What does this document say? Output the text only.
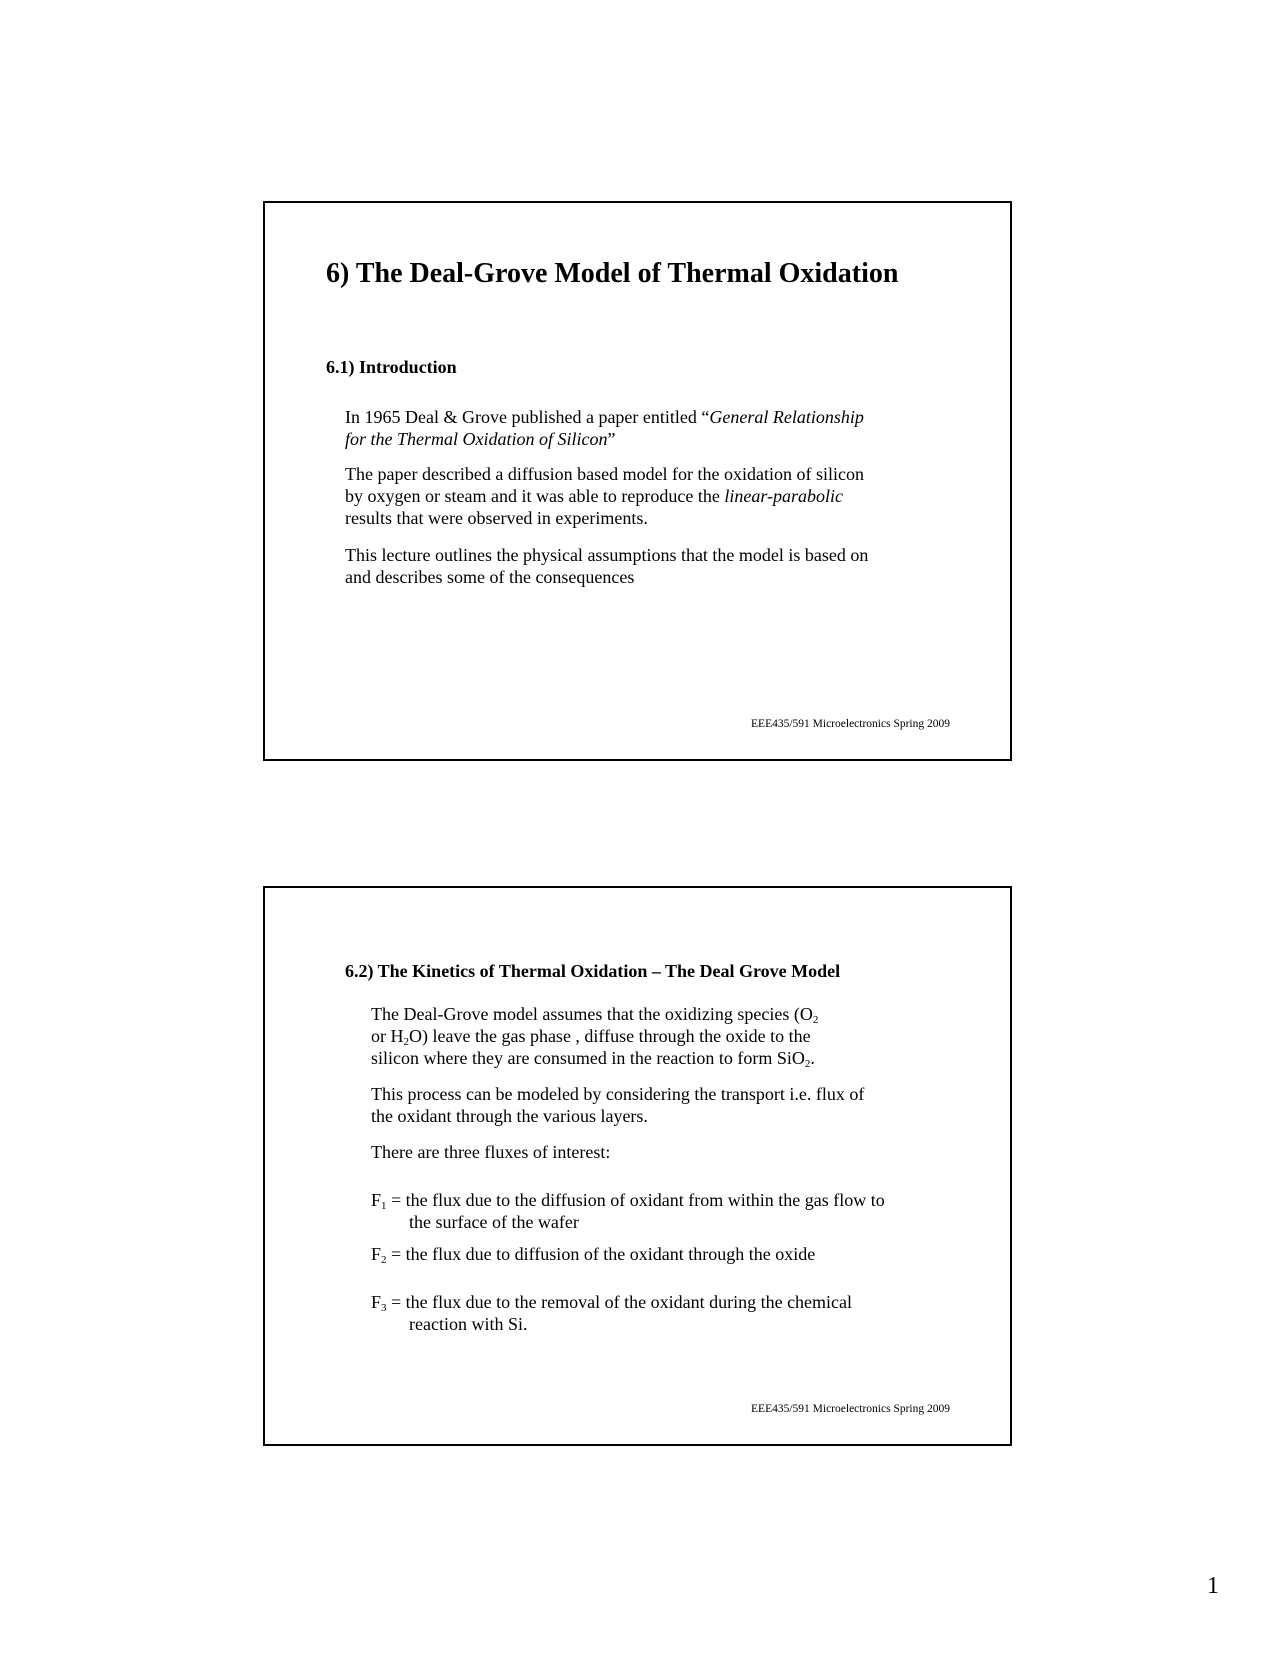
6) The Deal-Grove Model of Thermal Oxidation
6.1) Introduction
In 1965 Deal & Grove published a paper entitled “General Relationship
for the Thermal Oxidation of Silicon”
The paper described a diffusion based model for the oxidation of silicon
by oxygen or steam and it was able to reproduce the linear-parabolic
results that were observed in experiments.
This lecture outlines the physical assumptions that the model is based on
and describes some of the consequences
EEE435/591 Microelectronics Spring 2009
6.2) The Kinetics of Thermal Oxidation – The Deal Grove Model
The Deal-Grove model assumes that the oxidizing species ($O_2$
or $H_2O$) leave the gas phase , diffuse through the oxide to the
silicon where they are consumed in the reaction to form SiO$_2$.
This process can be modeled by considering the transport i.e. flux of
the oxidant through the various layers.
There are three fluxes of interest:
$F_1$ = the flux due to the diffusion of oxidant from within the gas flow to
the surface of the wafer
$F_2$ = the flux due to diffusion of the oxidant through the oxide
$F_3$ = the flux due to the removal of the oxidant during the chemical
reaction with Si.
EEE435/591 Microelectronics Spring 2009
1
